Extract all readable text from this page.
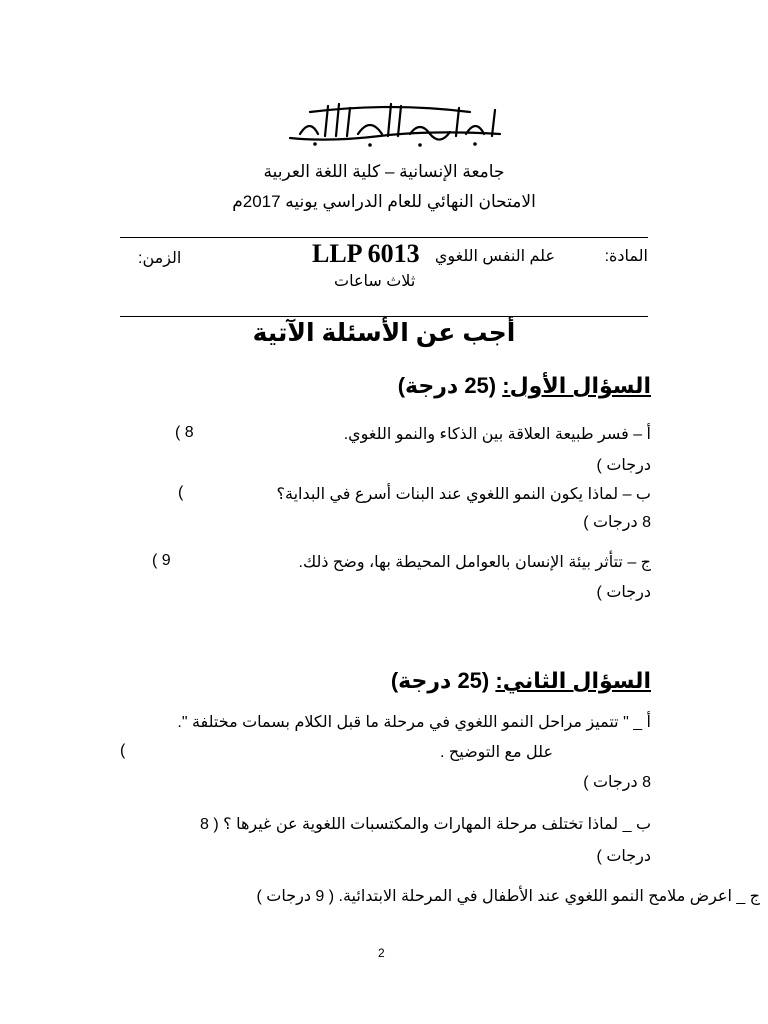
جامعة الإنسانية – كلية اللغة العربية
الامتحان النهائي للعام الدراسي يونيه 2017م
المادة:
علم النفس اللغوي
LLP 6013
الزمن:
ثلاث ساعات
أجب عن الأسئلة الآتية
السؤال الأول: (25 درجة)
أ – فسر طبيعة العلاقة بين الذكاء والنمو اللغوي.
( 8
درجات )
ب – لماذا يكون النمو اللغوي عند البنات أسرع في البداية؟
(
8 درجات )
ج – تتأثر بيئة الإنسان بالعوامل المحيطة بها، وضح ذلك.
( 9
درجات )
السؤال الثاني: (25 درجة)
أ _ " تتميز مراحل النمو اللغوي في مرحلة ما قبل الكلام بسمات مختلفة ".
علل مع التوضيح .
(
8 درجات )
ب _ لماذا تختلف مرحلة المهارات والمكتسبات اللغوية عن غيرها ؟ ( 8
درجات )
ج _ اعرض ملامح النمو اللغوي عند الأطفال في المرحلة الابتدائية. ( 9 درجات )
2
